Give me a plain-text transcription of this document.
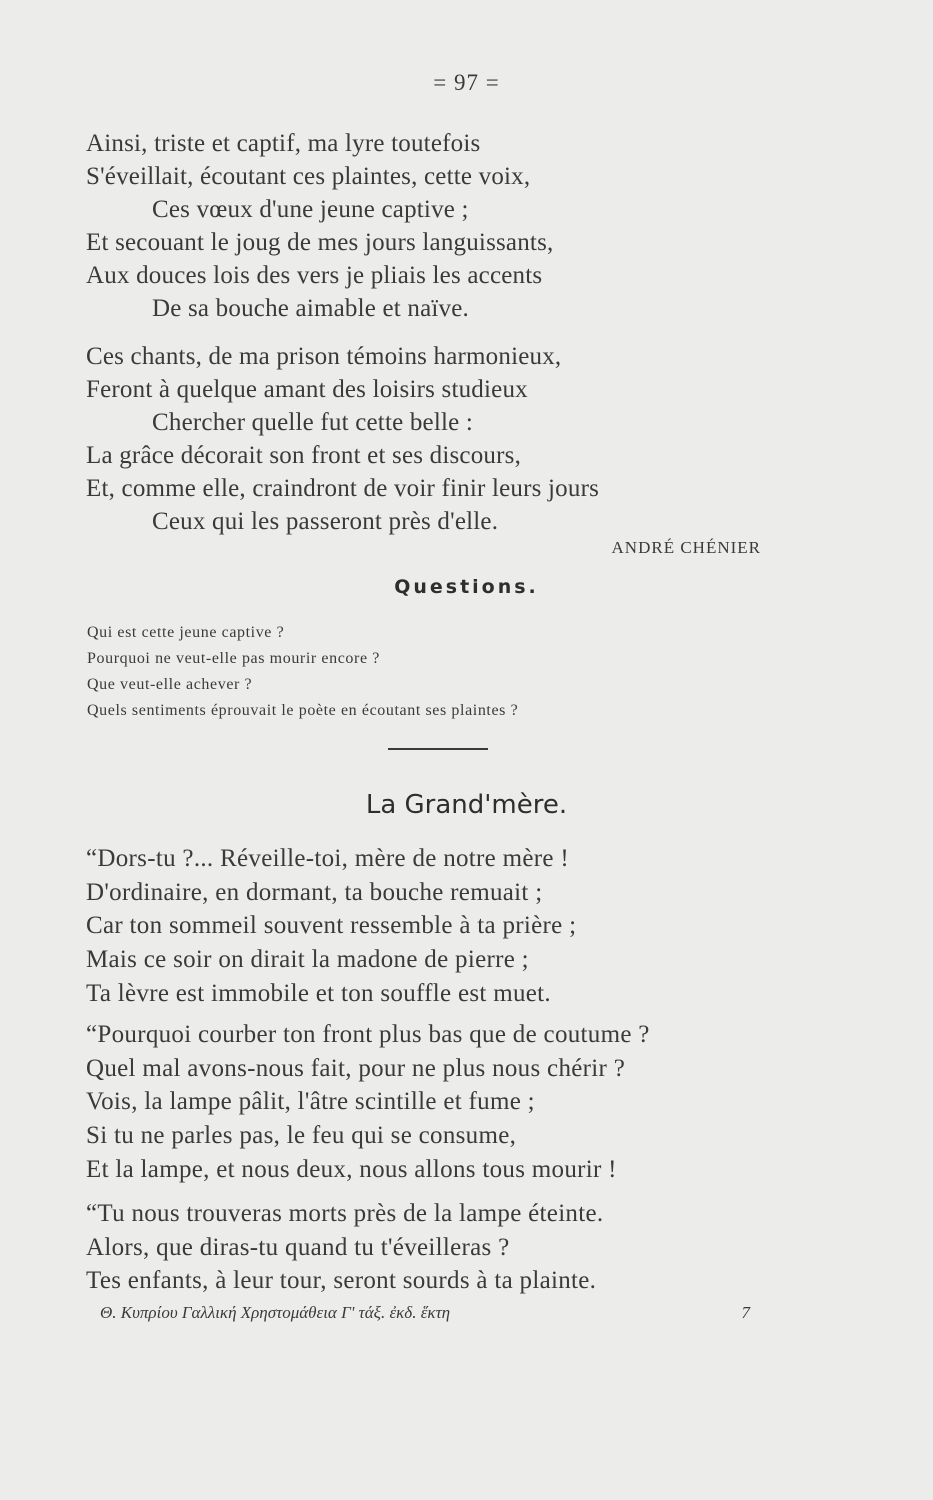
= 97 =
Ainsi, triste et captif, ma lyre toutefois
S'éveillait, écoutant ces plaintes, cette voix,
Ces vœux d'une jeune captive ;
Et secouant le joug de mes jours languissants,
Aux douces lois des vers je pliais les accents
De sa bouche aimable et naïve.
Ces chants, de ma prison témoins harmonieux,
Feront à quelque amant des loisirs studieux
Chercher quelle fut cette belle :
La grâce décorait son front et ses discours,
Et, comme elle, craindront de voir finir leurs jours
Ceux qui les passeront près d'elle.
ANDRÉ CHÉNIER
Questions.
Qui est cette jeune captive ?
Pourquoi ne veut-elle pas mourir encore ?
Que veut-elle achever ?
Quels sentiments éprouvait le poète en écoutant ses plaintes ?
La Grand'mère.
“Dors-tu ?... Réveille-toi, mère de notre mère !
D'ordinaire, en dormant, ta bouche remuait ;
Car ton sommeil souvent ressemble à ta prière ;
Mais ce soir on dirait la madone de pierre ;
Ta lèvre est immobile et ton souffle est muet.
“Pourquoi courber ton front plus bas que de coutume ?
Quel mal avons-nous fait, pour ne plus nous chérir ?
Vois, la lampe pâlit, l'âtre scintille et fume ;
Si tu ne parles pas, le feu qui se consume,
Et la lampe, et nous deux, nous allons tous mourir !
“Tu nous trouveras morts près de la lampe éteinte.
Alors, que diras-tu quand tu t'éveilleras ?
Tes enfants, à leur tour, seront sourds à ta plainte.
Θ. Κυπρίου Γαλλική Χρηστομάθεια Γ' τάξ. ἐκδ. ἕκτη	7
